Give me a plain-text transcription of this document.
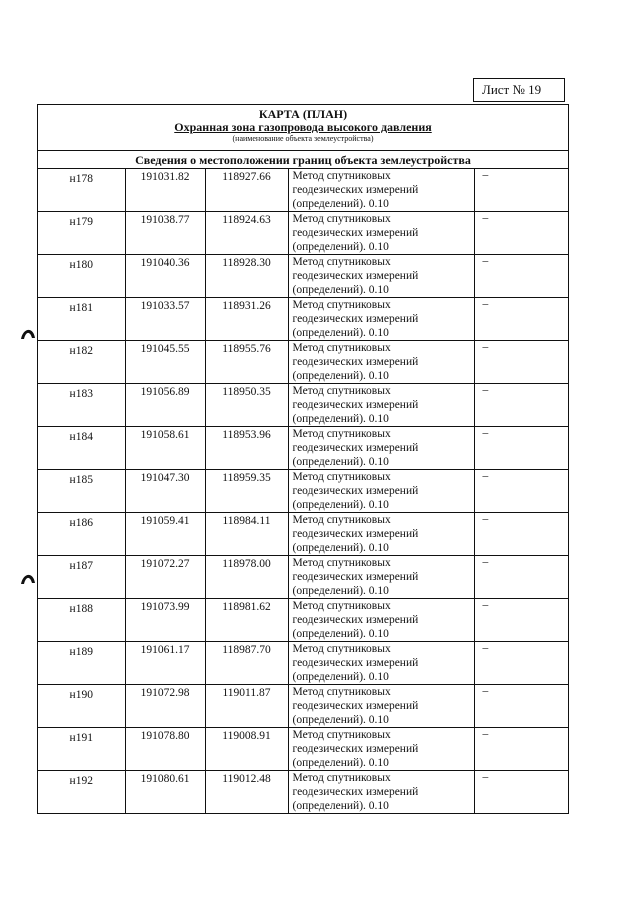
Лист № 19
КАРТА (ПЛАН)
Охранная зона газопровода высокого давления
(наименование объекта землеустройства)
Сведения о местоположении границ объекта землеустройства
н178	191031.82	118927.66	Метод спутниковых
геодезических измерений
(определений). 0.10	–

н179	191038.77	118924.63	Метод спутниковых
геодезических измерений
(определений). 0.10	–

н180	191040.36	118928.30	Метод спутниковых
геодезических измерений
(определений). 0.10	–

н181	191033.57	118931.26	Метод спутниковых
геодезических измерений
(определений). 0.10	–

н182	191045.55	118955.76	Метод спутниковых
геодезических измерений
(определений). 0.10	–

н183	191056.89	118950.35	Метод спутниковых
геодезических измерений
(определений). 0.10	–

н184	191058.61	118953.96	Метод спутниковых
геодезических измерений
(определений). 0.10	–

н185	191047.30	118959.35	Метод спутниковых
геодезических измерений
(определений). 0.10	–

н186	191059.41	118984.11	Метод спутниковых
геодезических измерений
(определений). 0.10	–

н187	191072.27	118978.00	Метод спутниковых
геодезических измерений
(определений). 0.10	–

н188	191073.99	118981.62	Метод спутниковых
геодезических измерений
(определений). 0.10	–

н189	191061.17	118987.70	Метод спутниковых
геодезических измерений
(определений). 0.10	–

н190	191072.98	119011.87	Метод спутниковых
геодезических измерений
(определений). 0.10	–

н191	191078.80	119008.91	Метод спутниковых
геодезических измерений
(определений). 0.10	–

н192	191080.61	119012.48	Метод спутниковых
геодезических измерений
(определений). 0.10	–
